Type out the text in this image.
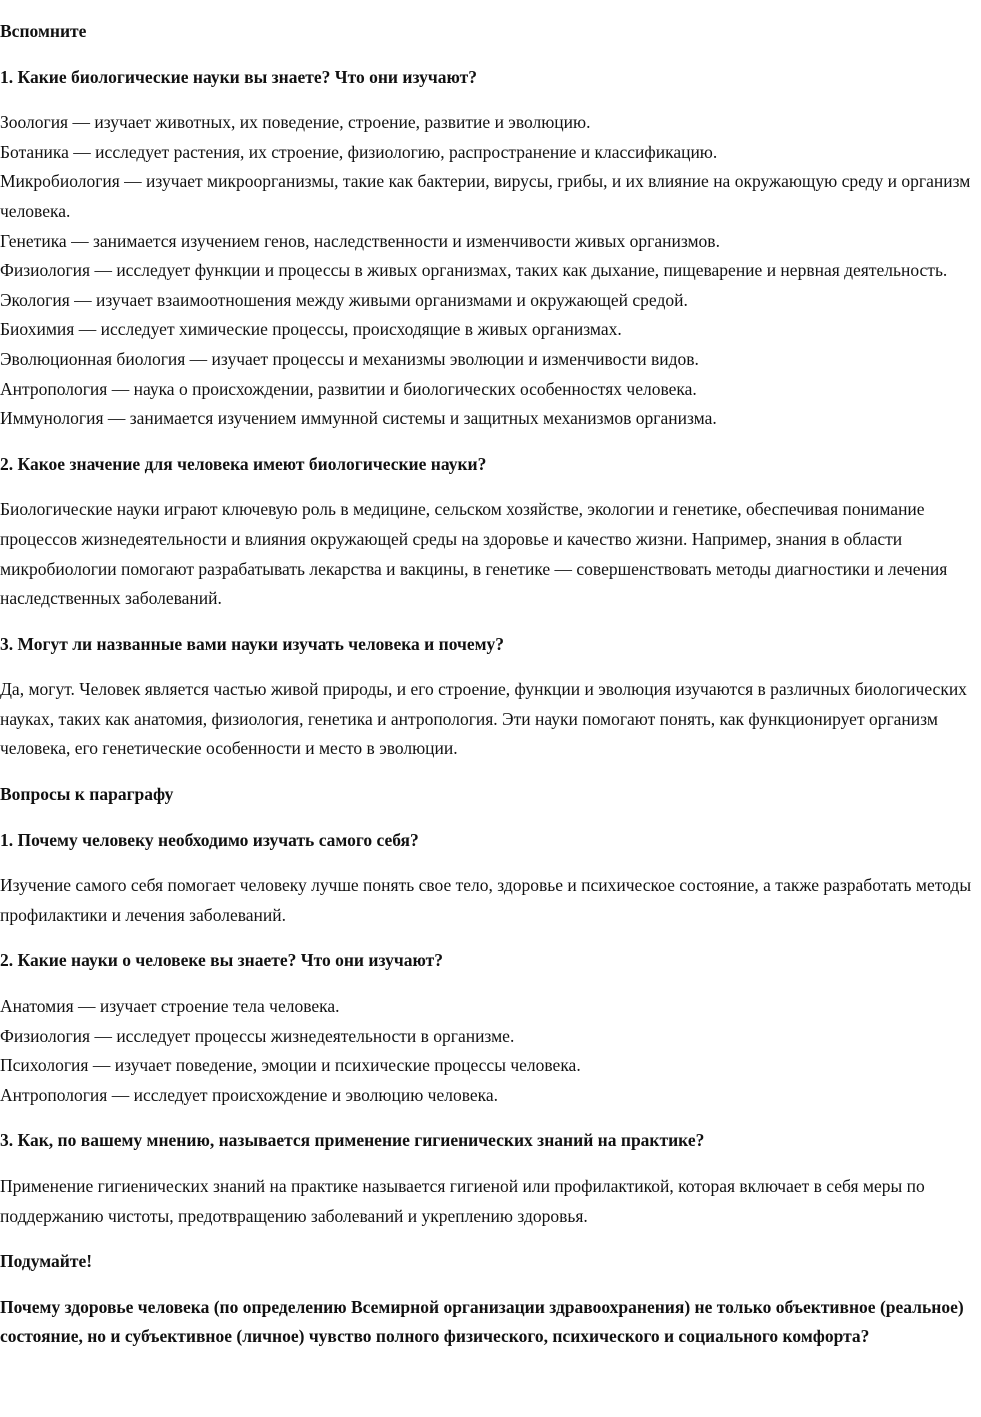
Вспомните

1. Какие биологические науки вы знаете? Что они изучают?

Зоология — изучает животных, их поведение, строение, развитие и эволюцию.

Ботаника — исследует растения, их строение, физиологию, распространение и классификацию.

Микробиология — изучает микроорганизмы, такие как бактерии, вирусы, грибы, и их влияние на окружающую среду и организм человека.

Генетика — занимается изучением генов, наследственности и изменчивости живых организмов.

Физиология — исследует функции и процессы в живых организмах, таких как дыхание, пищеварение и нервная деятельность.

Экология — изучает взаимоотношения между живыми организмами и окружающей средой.

Биохимия — исследует химические процессы, происходящие в живых организмах.

Эволюционная биология — изучает процессы и механизмы эволюции и изменчивости видов.

Антропология — наука о происхождении, развитии и биологических особенностях человека.

Иммунология — занимается изучением иммунной системы и защитных механизмов организма.

2. Какое значение для человека имеют биологические науки?

Биологические науки играют ключевую роль в медицине, сельском хозяйстве, экологии и генетике, обеспечивая понимание процессов жизнедеятельности и влияния окружающей среды на здоровье и качество жизни. Например, знания в области микробиологии помогают разрабатывать лекарства и вакцины, в генетике — совершенствовать методы диагностики и лечения наследственных заболеваний.

3. Могут ли названные вами науки изучать человека и почему?

Да, могут. Человек является частью живой природы, и его строение, функции и эволюция изучаются в различных биологических науках, таких как анатомия, физиология, генетика и антропология. Эти науки помогают понять, как функционирует организм человека, его генетические особенности и место в эволюции.

Вопросы к параграфу

1. Почему человеку необходимо изучать самого себя?

Изучение самого себя помогает человеку лучше понять свое тело, здоровье и психическое состояние, а также разработать методы профилактики и лечения заболеваний.

2. Какие науки о человеке вы знаете? Что они изучают?

Анатомия — изучает строение тела человека.

Физиология — исследует процессы жизнедеятельности в организме.

Психология — изучает поведение, эмоции и психические процессы человека.

Антропология — исследует происхождение и эволюцию человека.

3. Как, по вашему мнению, называется применение гигиенических знаний на практике?

Применение гигиенических знаний на практике называется гигиеной или профилактикой, которая включает в себя меры по поддержанию чистоты, предотвращению заболеваний и укреплению здоровья.

Подумайте!

Почему здоровье человека (по определению Всемирной организации здравоохранения) не только объективное (реальное) состояние, но и субъективное (личное) чувство полного физического, психического и социального комфорта?
